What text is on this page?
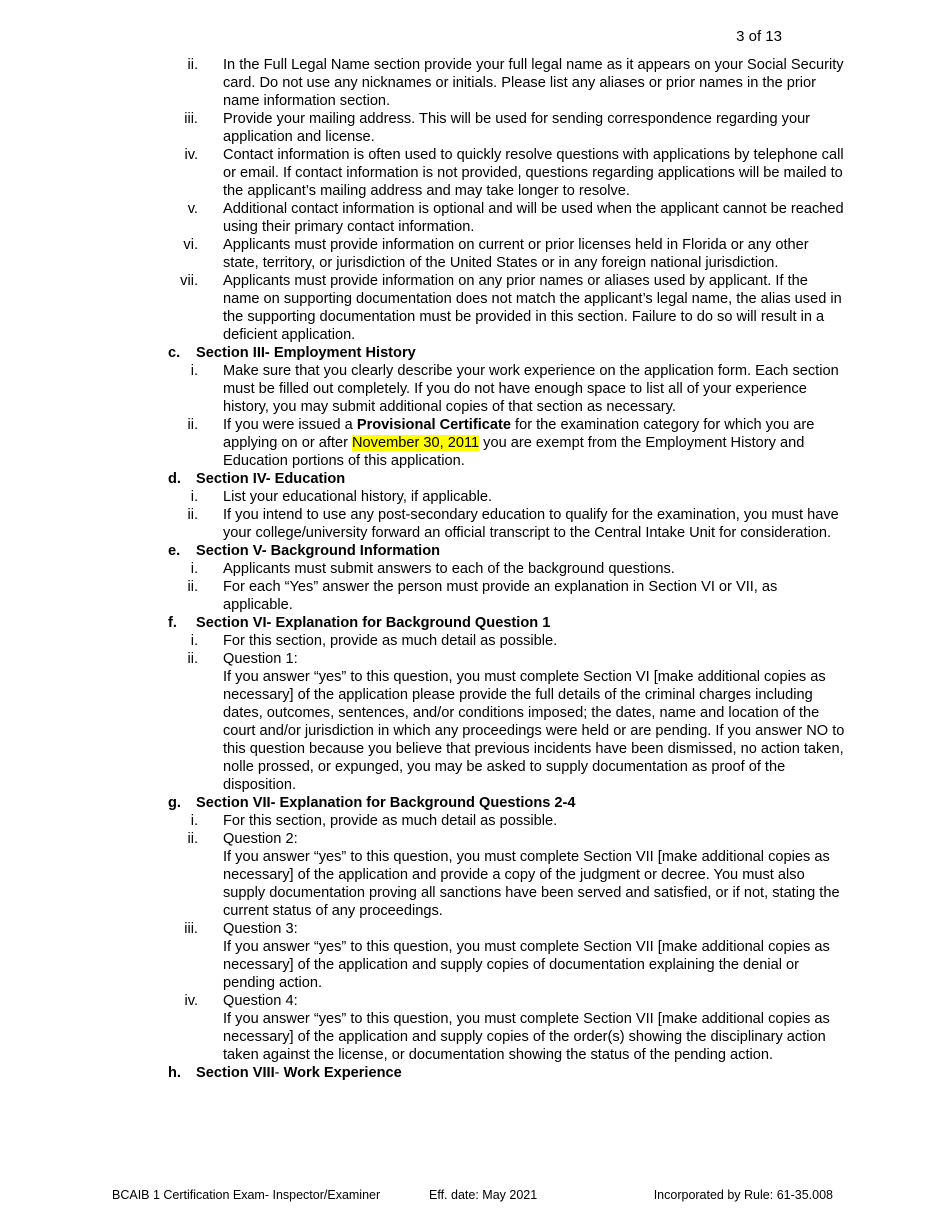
3 of 13
ii. In the Full Legal Name section provide your full legal name as it appears on your Social Security card. Do not use any nicknames or initials. Please list any aliases or prior names in the prior name information section.
iii. Provide your mailing address. This will be used for sending correspondence regarding your application and license.
iv. Contact information is often used to quickly resolve questions with applications by telephone call or email. If contact information is not provided, questions regarding applications will be mailed to the applicant’s mailing address and may take longer to resolve.
v. Additional contact information is optional and will be used when the applicant cannot be reached using their primary contact information.
vi. Applicants must provide information on current or prior licenses held in Florida or any other state, territory, or jurisdiction of the United States or in any foreign national jurisdiction.
vii. Applicants must provide information on any prior names or aliases used by applicant. If the name on supporting documentation does not match the applicant’s legal name, the alias used in the supporting documentation must be provided in this section. Failure to do so will result in a deficient application.
c. Section III- Employment History
i. Make sure that you clearly describe your work experience on the application form. Each section must be filled out completely. If you do not have enough space to list all of your experience history, you may submit additional copies of that section as necessary.
ii. If you were issued a Provisional Certificate for the examination category for which you are applying on or after November 30, 2011 you are exempt from the Employment History and Education portions of this application.
d. Section IV- Education
i. List your educational history, if applicable.
ii. If you intend to use any post-secondary education to qualify for the examination, you must have your college/university forward an official transcript to the Central Intake Unit for consideration.
e. Section V- Background Information
i. Applicants must submit answers to each of the background questions.
ii. For each “Yes” answer the person must provide an explanation in Section VI or VII, as applicable.
f. Section VI- Explanation for Background Question 1
i. For this section, provide as much detail as possible.
ii. Question 1:
If you answer “yes” to this question, you must complete Section VI [make additional copies as necessary] of the application please provide the full details of the criminal charges including dates, outcomes, sentences, and/or conditions imposed; the dates, name and location of the court and/or jurisdiction in which any proceedings were held or are pending. If you answer NO to this question because you believe that previous incidents have been dismissed, no action taken, nolle prossed, or expunged, you may be asked to supply documentation as proof of the disposition.
g. Section VII- Explanation for Background Questions 2-4
i. For this section, provide as much detail as possible.
ii. Question 2:
If you answer “yes” to this question, you must complete Section VII [make additional copies as necessary] of the application and provide a copy of the judgment or decree. You must also supply documentation proving all sanctions have been served and satisfied, or if not, stating the current status of any proceedings.
iii. Question 3:
If you answer “yes” to this question, you must complete Section VII [make additional copies as necessary] of the application and supply copies of documentation explaining the denial or pending action.
iv. Question 4:
If you answer “yes” to this question, you must complete Section VII [make additional copies as necessary] of the application and supply copies of the order(s) showing the disciplinary action taken against the license, or documentation showing the status of the pending action.
h. Section VIII- Work Experience
BCAIB 1 Certification Exam- Inspector/Examiner	Eff. date: May 2021	Incorporated by Rule: 61-35.008
